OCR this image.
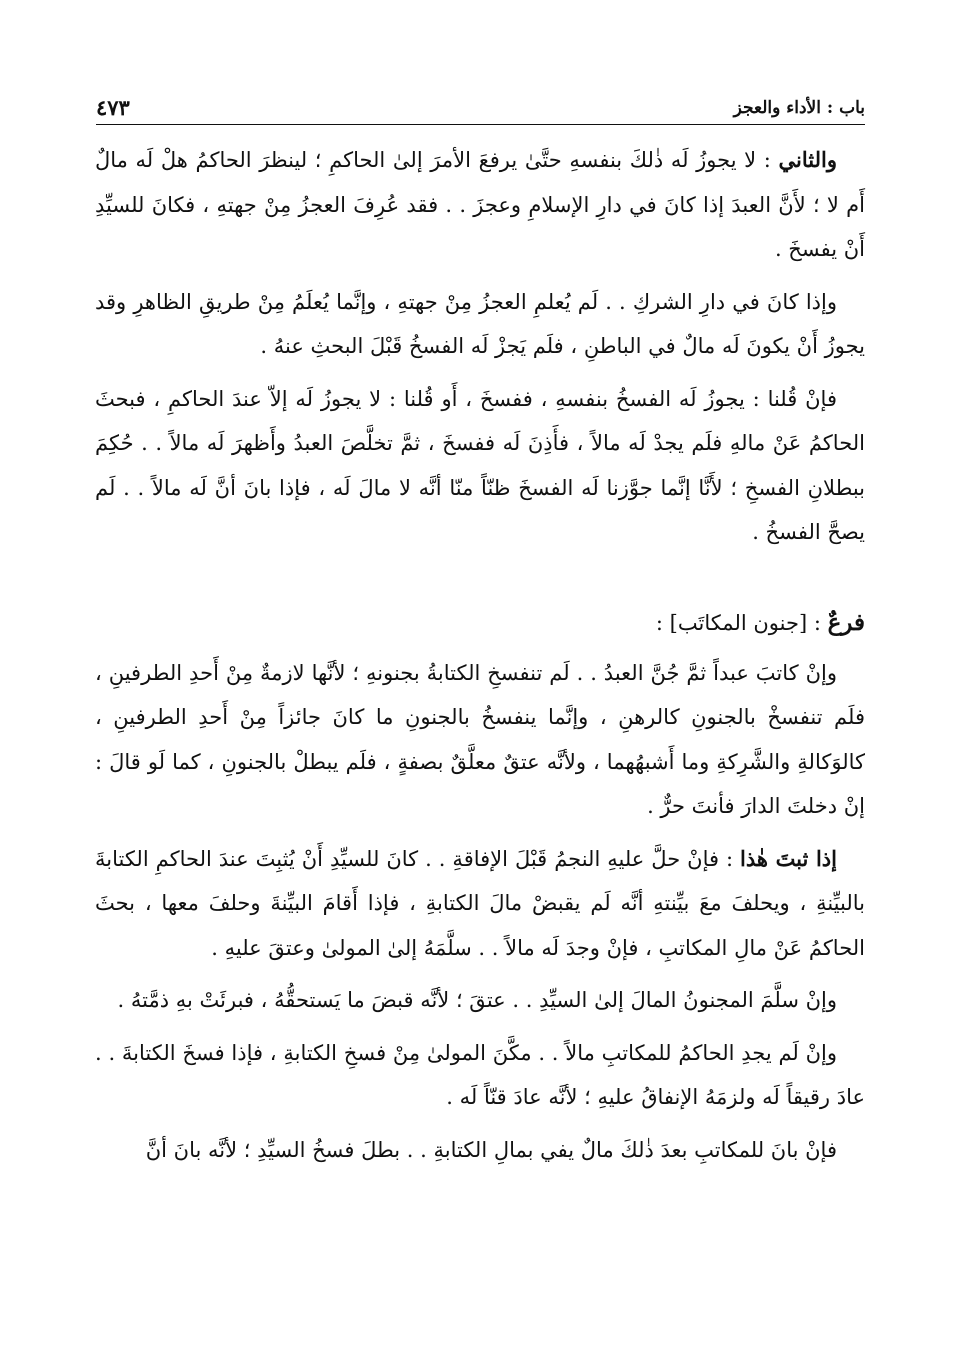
باب : الأداء والعجز
٤٧٣

والثاني : لا يجوزُ لَه ذٰلكَ بنفسهِ حتَّىٰ يرفعَ الأمرَ إلىٰ الحاكمِ ؛ لينظرَ الحاكمُ هلْ لَه مالٌ أَم لا ؛ لأَنَّ العبدَ إذا كانَ في دارِ الإسلامِ وعجزَ . . فقد عُرِفَ العجزُ مِنْ جهتهِ ، فكانَ للسيِّدِ أَنْ يفسخَ .

وإذا كانَ في دارِ الشركِ . . لَم يُعلمِ العجزُ مِنْ جهتهِ ، وإنَّما يُعلَمُ مِنْ طريقِ الظاهرِ وقد يجوزُ أَنْ يكونَ لَه مالٌ في الباطنِ ، فلَم يَجزْ لَه الفسخُ قَبْلَ البحثِ عنهُ .

فإنْ قُلنا : يجوزُ لَه الفسخُ بنفسهِ ، ففسخَ ، أَو قُلنا : لا يجوزُ لَه إلاّ عندَ الحاكمِ ، فبحثَ الحاكمُ عَنْ مالهِ فلَم يجدْ لَه مالاً ، فأَذِنَ لَه ففسخَ ، ثمَّ تخلَّصَ العبدُ وأَظهرَ لَه مالاً . . حُكِمَ ببطلانِ الفسخِ ؛ لأَنَّا إنَّما جوَّزنا لَه الفسخَ ظنّاً منّا أنَّه لا مالَ لَه ، فإذا بانَ أنَّ لَه مالاً . . لَم يصحَّ الفسخُ .

فرعٌ : [جنون المكاتَب] :

وإنْ كاتبَ عبداً ثمَّ جُنَّ العبدُ . . لَم تنفسخِ الكتابةُ بجنونهِ ؛ لأنَّها لازمةٌ مِنْ أَحدِ الطرفينِ ، فلَم تنفسخْ بالجنونِ كالرهنِ ، وإنَّما ينفسخُ بالجنونِ ما كانَ جائزاً مِنْ أَحدِ الطرفينِ ، كالوَكالةِ والشَّرِكةِ وما أَشبهُهما ، ولأنَّه عتقٌ معلَّقٌ بصفةٍ ، فلَم يبطلْ بالجنونِ ، كما لَو قالَ : إنْ دخلتَ الدارَ فأنتَ حرٌّ .

إذا ثبتَ هٰذا : فإنْ حلَّ عليهِ النجمُ قَبْلَ الإفاقةِ . . كانَ للسيِّدِ أَنْ يُثبِتَ عندَ الحاكمِ الكتابةَ بالبيِّنةِ ، ويحلفَ معَ بيِّنتهِ أنَّه لَم يقبضْ مالَ الكتابةِ ، فإذا أَقامَ البيِّنةَ وحلفَ معها ، بحثَ الحاكمُ عَنْ مالِ المكاتبِ ، فإنْ وجدَ لَه مالاً . . سلَّمَهُ إلىٰ المولىٰ وعتقَ عليهِ .

وإنْ سلَّمَ المجنونُ المالَ إلىٰ السيِّدِ . . عتقَ ؛ لأنَّه قبضَ ما يَستحقُّهُ ، فبرئَتْ بهِ ذمَّتهُ .

وإنْ لَم يجدِ الحاكمُ للمكاتبِ مالاً . . مكَّنَ المولىٰ مِنْ فسخِ الكتابةِ ، فإذا فسخَ الكتابةَ . . عادَ رقيقاً لَه ولزمَهُ الإنفاقُ عليهِ ؛ لأنَّه عادَ قنّاً لَه .

فإنْ بانَ للمكاتبِ بعدَ ذٰلكَ مالٌ يفي بمالِ الكتابةِ . . بطلَ فسخُ السيِّدِ ؛ لأنَّه بانَ أنَّ
